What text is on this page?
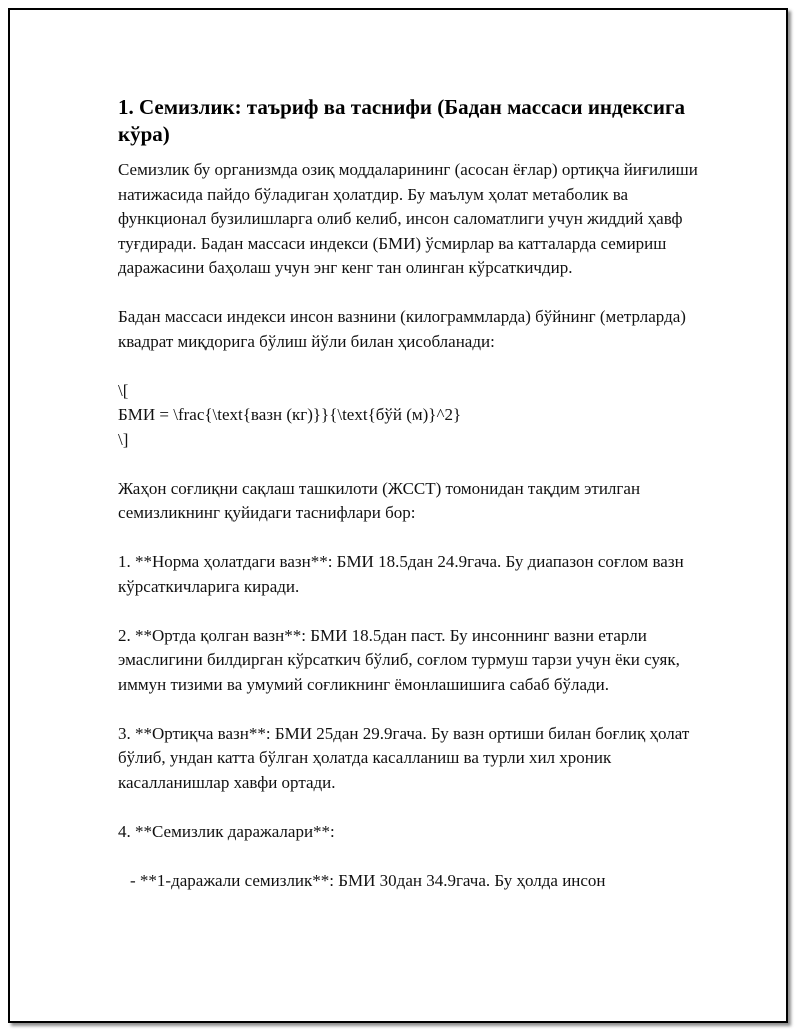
1. Семизлик: таъриф ва таснифи (Бадан массаси индексига кўра)

Семизлик бу организмда озиқ моддаларининг (асосан ёғлар) ортиқча йиғилиши натижасида пайдо бўладиган ҳолатдир. Бу маълум ҳолат метаболик ва функционал бузилишларга олиб келиб, инсон саломатлиги учун жиддий ҳавф туғдиради. Бадан массаси индекси (БМИ) ўсмирлар ва катталарда семириш даражасини баҳолаш учун энг кенг тан олинган кўрсаткичдир.

Бадан массаси индекси инсон вазнини (килограммларда) бўйнинг (метрларда) квадрат миқдорига бўлиш йўли билан ҳисобланади:

\[

БМИ = \frac{\text{вазн (кг)}}{\text{бўй (м)}^2}

\]

Жаҳон соғлиқни сақлаш ташкилоти (ЖССТ) томонидан тақдим этилган семизликнинг қуйидаги таснифлари бор:

1. **Норма ҳолатдаги вазн**: БМИ 18.5дан 24.9гача. Бу диапазон соғлом вазн кўрсаткичларига киради.

2. **Ортда қолган вазн**: БМИ 18.5дан паст. Бу инсоннинг вазни етарли эмаслигини билдирган кўрсаткич бўлиб, соғлом турмуш тарзи учун ёки суяк, иммун тизими ва умумий соғликнинг ёмонлашишига сабаб бўлади.

3. **Ортиқча вазн**: БМИ 25дан 29.9гача. Бу вазн ортиши билан боғлиқ ҳолат бўлиб, ундан катта бўлган ҳолатда касалланиш ва турли хил хроник касалланишлар хавфи ортади.

4. **Семизлик даражалари**:

- **1-даражали семизлик**: БМИ 30дан 34.9гача. Бу ҳолда инсон
